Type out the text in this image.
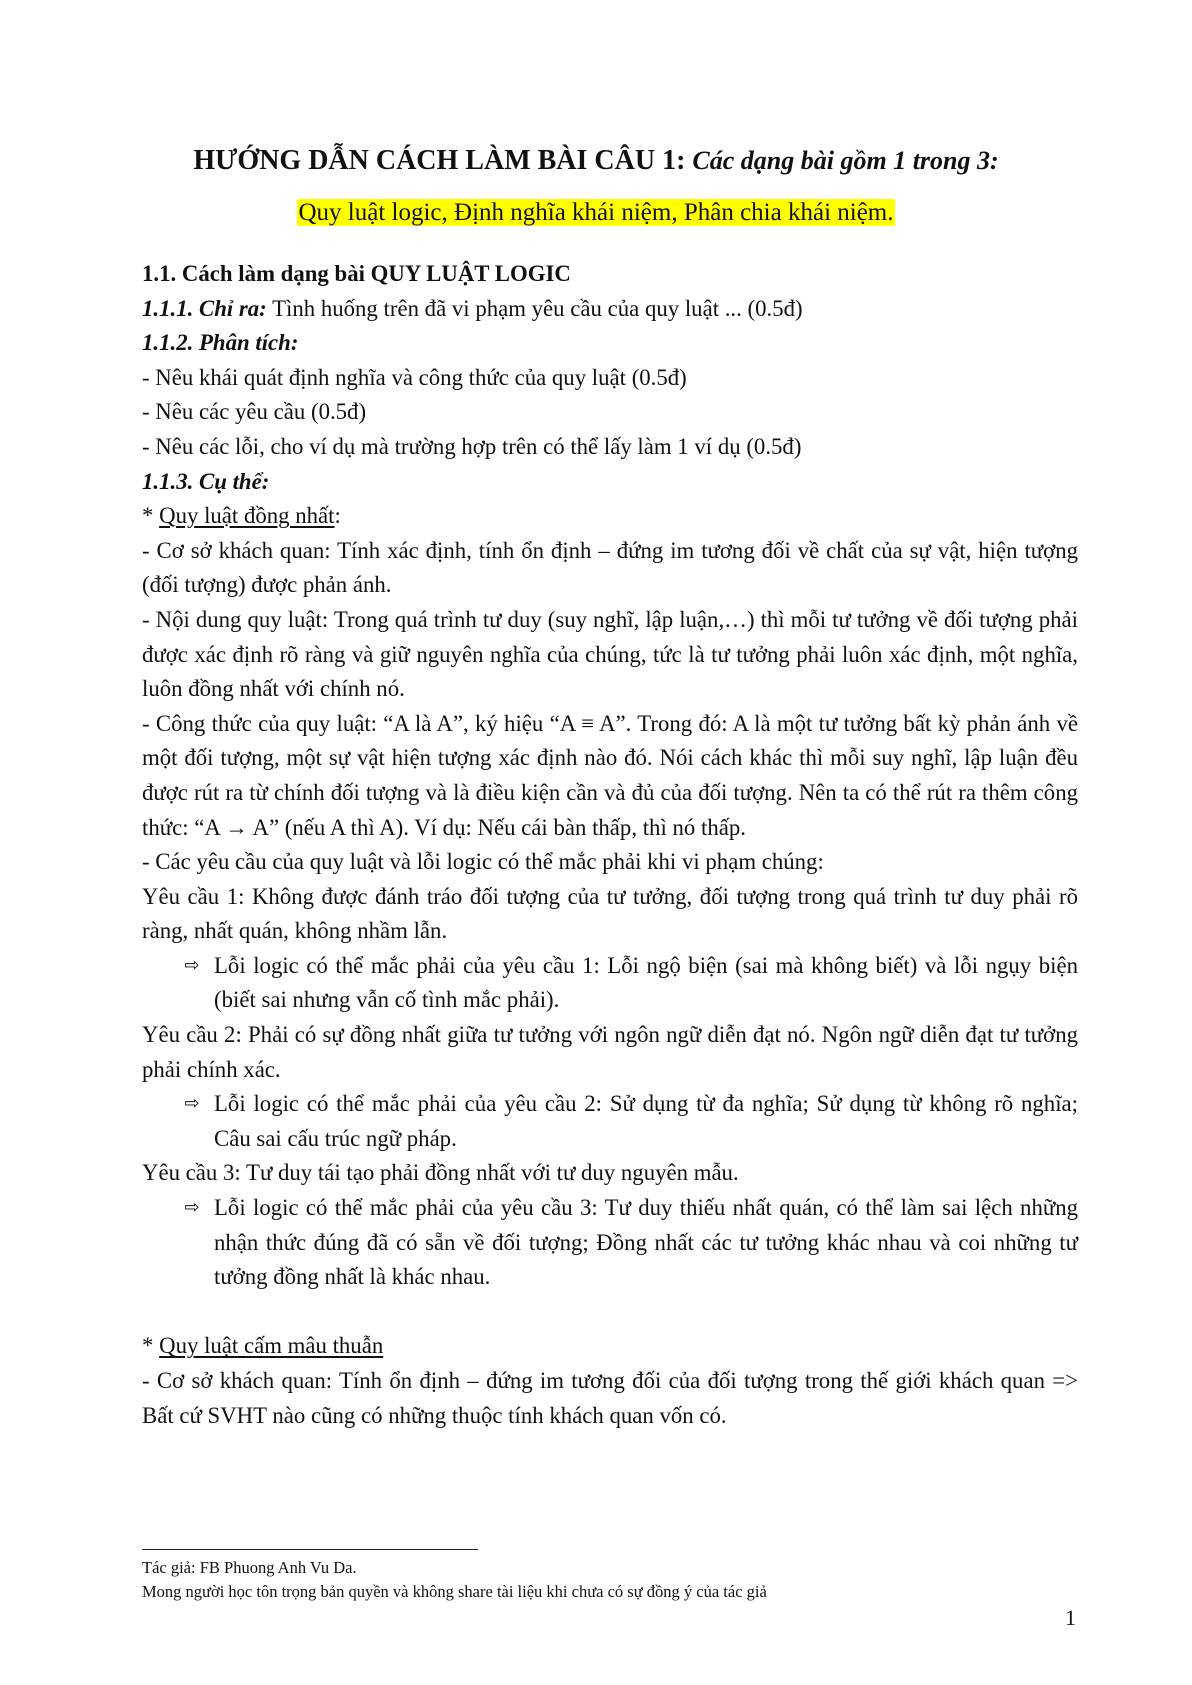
HƯỚNG DẪN CÁCH LÀM BÀI CÂU 1: Các dạng bài gồm 1 trong 3:

Quy luật logic, Định nghĩa khái niệm, Phân chia khái niệm.

1.1. Cách làm dạng bài QUY LUẬT LOGIC

1.1.1. Chỉ ra: Tình huống trên đã vi phạm yêu cầu của quy luật ... (0.5đ)

1.1.2. Phân tích:

- Nêu khái quát định nghĩa và công thức của quy luật (0.5đ)

- Nêu các yêu cầu (0.5đ)

- Nêu các lỗi, cho ví dụ mà trường hợp trên có thể lấy làm 1 ví dụ (0.5đ)

1.1.3. Cụ thể:

* Quy luật đồng nhất:

- Cơ sở khách quan: Tính xác định, tính ổn định – đứng im tương đối về chất của sự vật, hiện tượng (đối tượng) được phản ánh.

- Nội dung quy luật: Trong quá trình tư duy (suy nghĩ, lập luận,…) thì mỗi tư tưởng về đối tượng phải được xác định rõ ràng và giữ nguyên nghĩa của chúng, tức là tư tưởng phải luôn xác định, một nghĩa, luôn đồng nhất với chính nó.

- Công thức của quy luật: “A là A”, ký hiệu “A ≡ A”. Trong đó: A là một tư tưởng bất kỳ phản ánh về một đối tượng, một sự vật hiện tượng xác định nào đó. Nói cách khác thì mỗi suy nghĩ, lập luận đều được rút ra từ chính đối tượng và là điều kiện cần và đủ của đối tượng. Nên ta có thể rút ra thêm công thức: “A → A” (nếu A thì A). Ví dụ: Nếu cái bàn thấp, thì nó thấp.

- Các yêu cầu của quy luật và lỗi logic có thể mắc phải khi vi phạm chúng:

Yêu cầu 1: Không được đánh tráo đối tượng của tư tưởng, đối tượng trong quá trình tư duy phải rõ ràng, nhất quán, không nhầm lẫn.

⇨ Lỗi logic có thể mắc phải của yêu cầu 1: Lỗi ngộ biện (sai mà không biết) và lỗi ngụy biện (biết sai nhưng vẫn cố tình mắc phải).

Yêu cầu 2: Phải có sự đồng nhất giữa tư tưởng với ngôn ngữ diễn đạt nó. Ngôn ngữ diễn đạt tư tưởng phải chính xác.

⇨ Lỗi logic có thể mắc phải của yêu cầu 2: Sử dụng từ đa nghĩa; Sử dụng từ không rõ nghĩa; Câu sai cấu trúc ngữ pháp.

Yêu cầu 3: Tư duy tái tạo phải đồng nhất với tư duy nguyên mẫu.

⇨ Lỗi logic có thể mắc phải của yêu cầu 3: Tư duy thiếu nhất quán, có thể làm sai lệch những nhận thức đúng đã có sẵn về đối tượng; Đồng nhất các tư tưởng khác nhau và coi những tư tưởng đồng nhất là khác nhau.

* Quy luật cấm mâu thuẫn

- Cơ sở khách quan: Tính ổn định – đứng im tương đối của đối tượng trong thế giới khách quan => Bất cứ SVHT nào cũng có những thuộc tính khách quan vốn có.

Tác giả: FB Phuong Anh Vu Da.

Mong người học tôn trọng bản quyền và không share tài liệu khi chưa có sự đồng ý của tác giả

1
